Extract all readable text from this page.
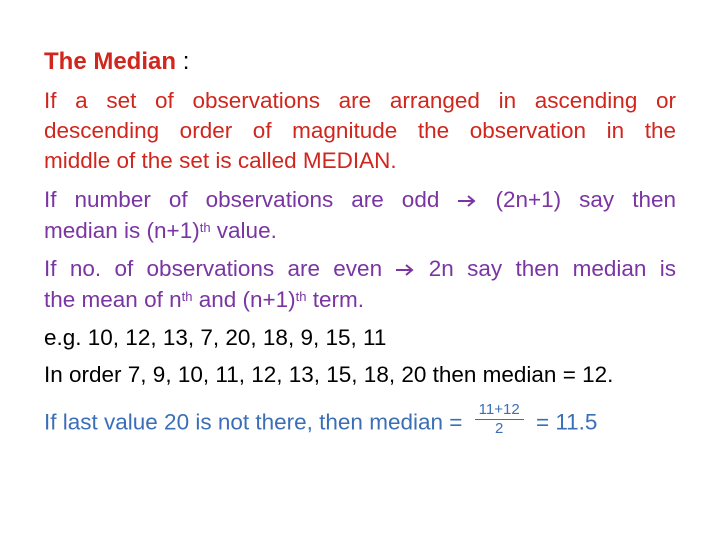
The Median :
If a set of observations are arranged in ascending or
descending order of magnitude the observation in the
middle of the set is called MEDIAN.
If number of observations are odd (2n+1) say then
median is $(n+1)^{th}$ value.
If no. of observations are even 2n say then median is
the mean of $n^{th}$ and $(n+1)^{th}$ term.
e.g. 10, 12, 13, 7, 20, 18, 9, 15, 11
In order 7, 9, 10, 11, 12, 13, 15, 18, 20 then median = 12.
If last value 20 is not there, then median = $\frac{11+12}{2} = 11.5$
